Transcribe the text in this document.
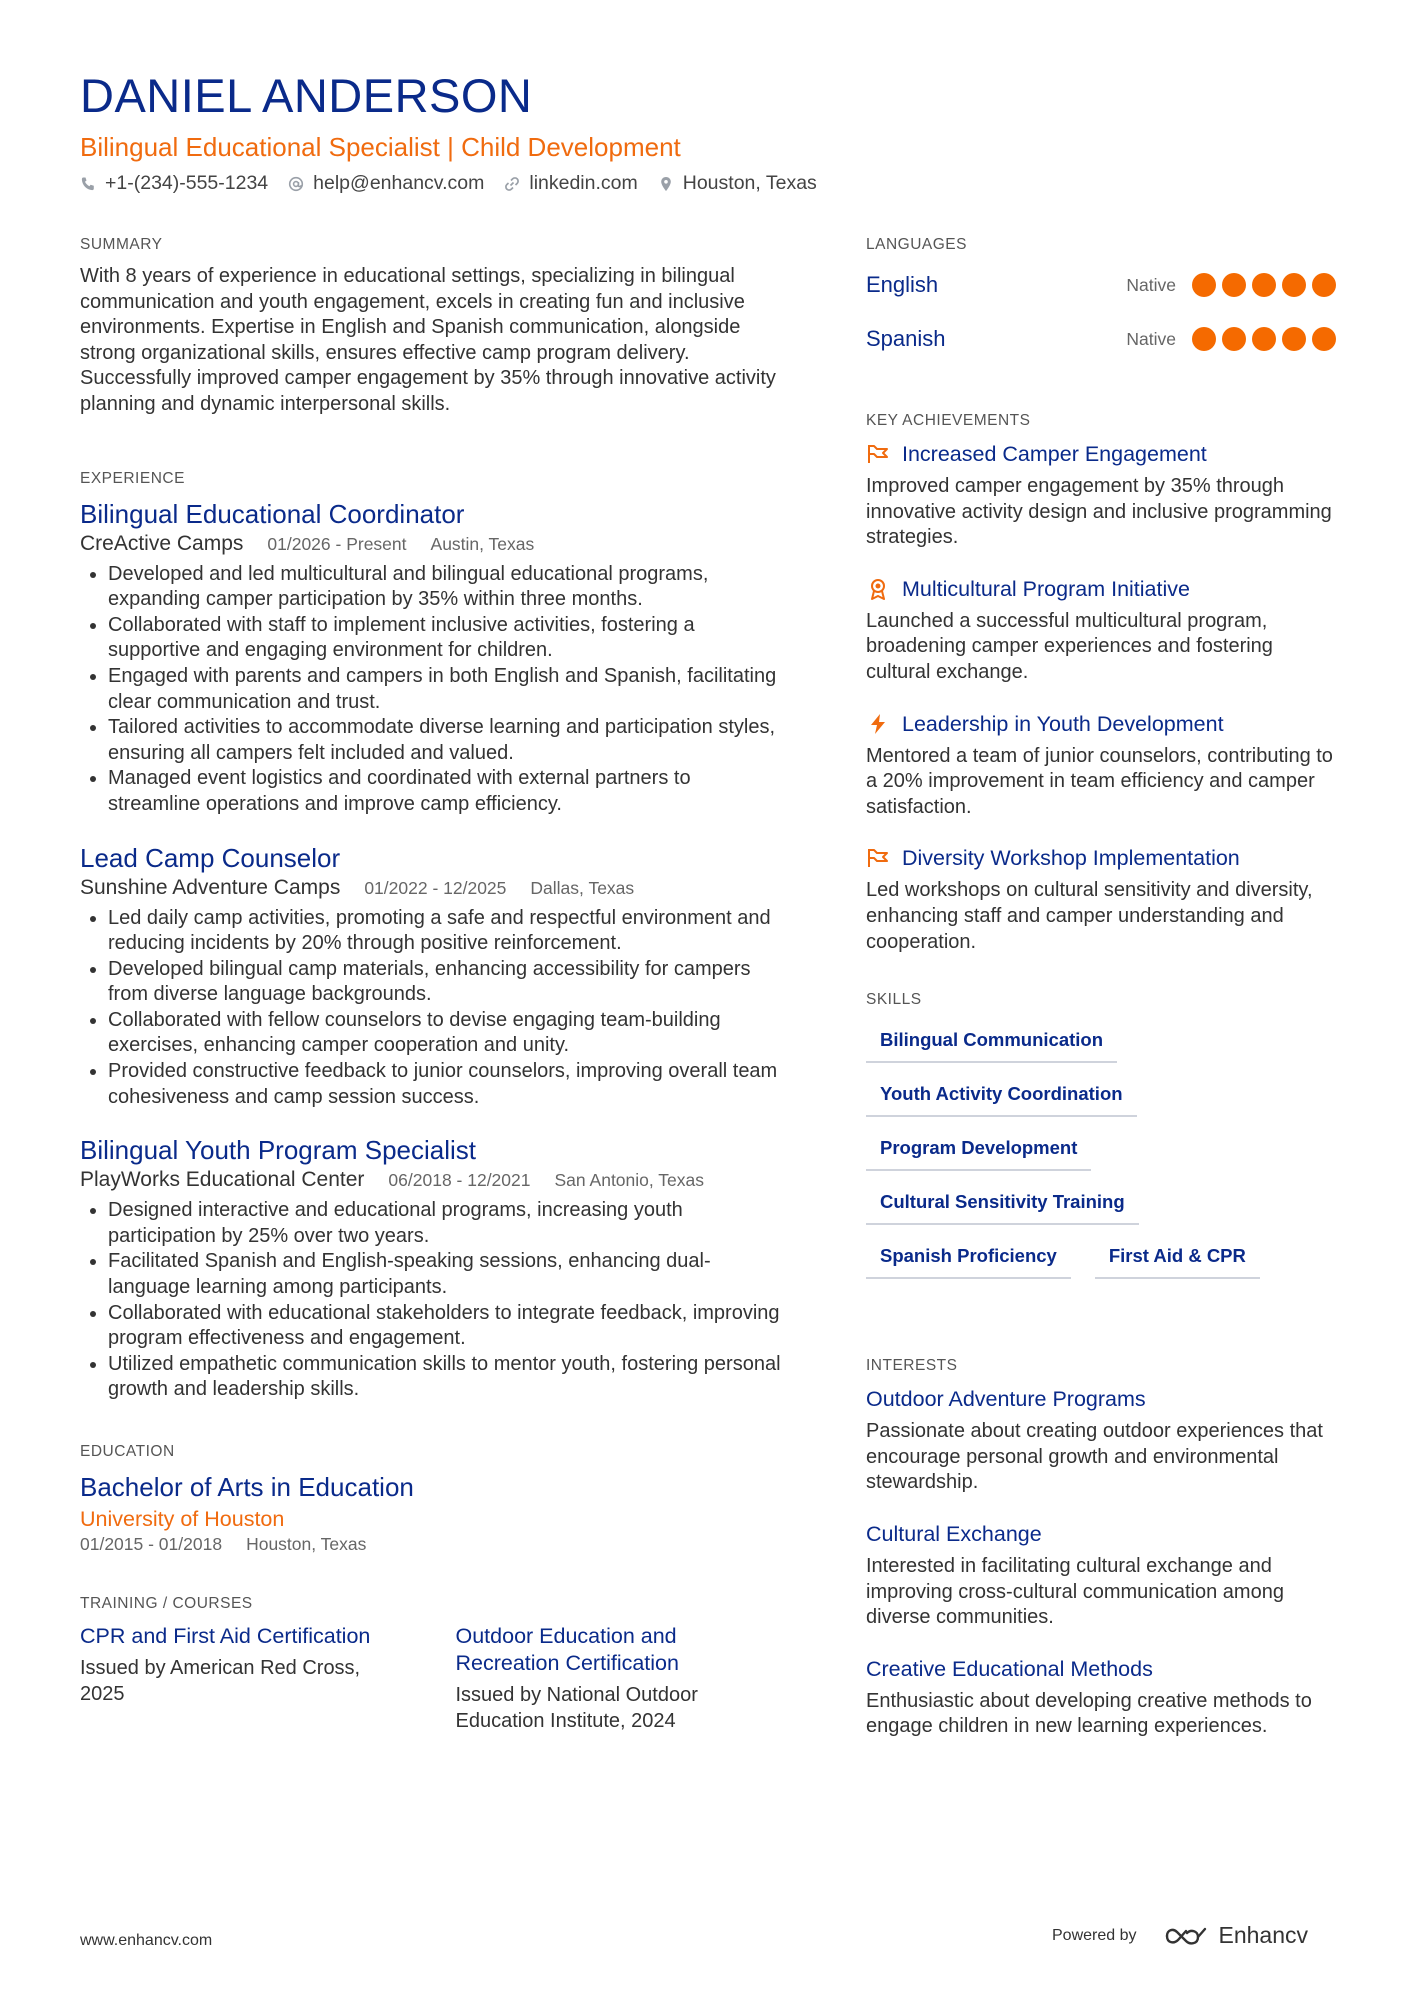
DANIEL ANDERSON
Bilingual Educational Specialist | Child Development
+1-(234)-555-1234 help@enhancv.com linkedin.com Houston, Texas
SUMMARY
With 8 years of experience in educational settings, specializing in bilingual communication and youth engagement, excels in creating fun and inclusive environments. Expertise in English and Spanish communication, alongside strong organizational skills, ensures effective camp program delivery. Successfully improved camper engagement by 35% through innovative activity planning and dynamic interpersonal skills.
EXPERIENCE
Bilingual Educational Coordinator
CreActive Camps 01/2026 - Present Austin, Texas
• Developed and led multicultural and bilingual educational programs, expanding camper participation by 35% within three months.
• Collaborated with staff to implement inclusive activities, fostering a supportive and engaging environment for children.
• Engaged with parents and campers in both English and Spanish, facilitating clear communication and trust.
• Tailored activities to accommodate diverse learning and participation styles, ensuring all campers felt included and valued.
• Managed event logistics and coordinated with external partners to streamline operations and improve camp efficiency.
Lead Camp Counselor
Sunshine Adventure Camps 01/2022 - 12/2025 Dallas, Texas
• Led daily camp activities, promoting a safe and respectful environment and reducing incidents by 20% through positive reinforcement.
• Developed bilingual camp materials, enhancing accessibility for campers from diverse language backgrounds.
• Collaborated with fellow counselors to devise engaging team-building exercises, enhancing camper cooperation and unity.
• Provided constructive feedback to junior counselors, improving overall team cohesiveness and camp session success.
Bilingual Youth Program Specialist
PlayWorks Educational Center 06/2018 - 12/2021 San Antonio, Texas
• Designed interactive and educational programs, increasing youth participation by 25% over two years.
• Facilitated Spanish and English-speaking sessions, enhancing dual-language learning among participants.
• Collaborated with educational stakeholders to integrate feedback, improving program effectiveness and engagement.
• Utilized empathetic communication skills to mentor youth, fostering personal growth and leadership skills.
EDUCATION
Bachelor of Arts in Education
University of Houston
01/2015 - 01/2018 Houston, Texas
TRAINING / COURSES
CPR and First Aid Certification
Issued by American Red Cross, 2025
Outdoor Education and Recreation Certification
Issued by National Outdoor Education Institute, 2024
LANGUAGES
English	Native
Spanish	Native
KEY ACHIEVEMENTS
Increased Camper Engagement
Improved camper engagement by 35% through innovative activity design and inclusive programming strategies.
Multicultural Program Initiative
Launched a successful multicultural program, broadening camper experiences and fostering cultural exchange.
Leadership in Youth Development
Mentored a team of junior counselors, contributing to a 20% improvement in team efficiency and camper satisfaction.
Diversity Workshop Implementation
Led workshops on cultural sensitivity and diversity, enhancing staff and camper understanding and cooperation.
SKILLS
Bilingual Communication
Youth Activity Coordination
Program Development
Cultural Sensitivity Training
Spanish Proficiency	First Aid & CPR
INTERESTS
Outdoor Adventure Programs
Passionate about creating outdoor experiences that encourage personal growth and environmental stewardship.
Cultural Exchange
Interested in facilitating cultural exchange and improving cross-cultural communication among diverse communities.
Creative Educational Methods
Enthusiastic about developing creative methods to engage children in new learning experiences.
www.enhancv.com	Powered by	Enhancv
